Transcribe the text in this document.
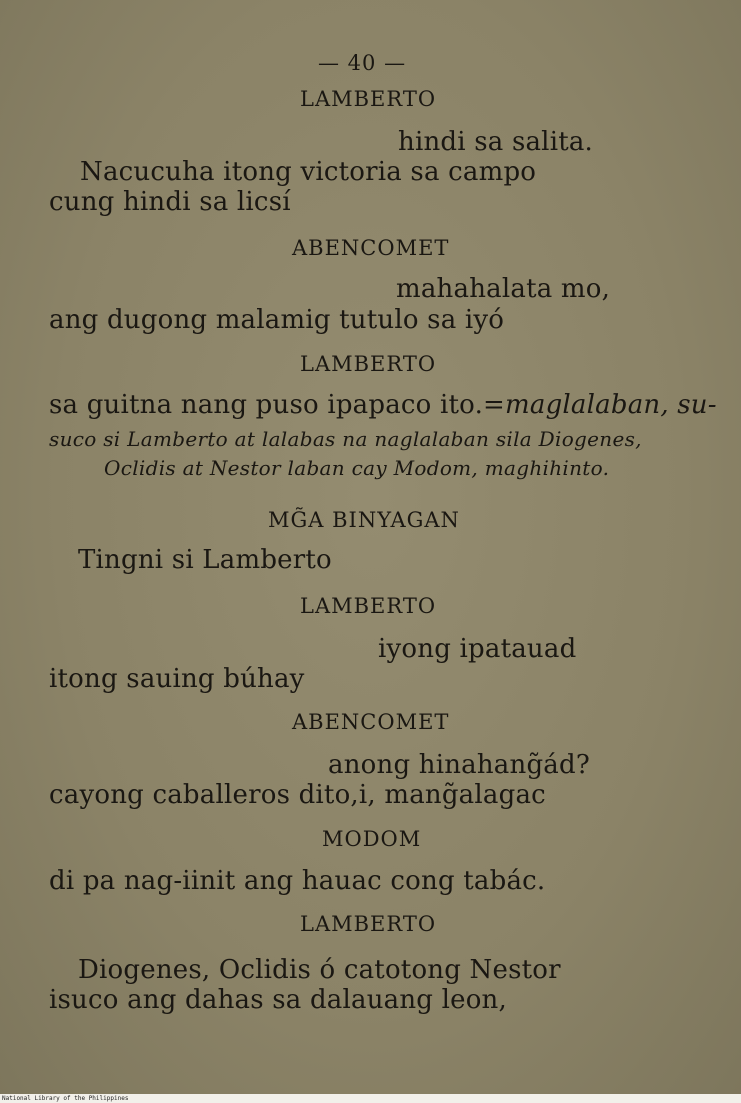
— 40 —
LAMBERTO
hindi sa salita.
Nacucuha itong victoria sa campo
cung hindi sa licsí
ABENCOMET
mahahalata mo,
ang dugong malamig tutulo sa iyó
LAMBERTO
sa guitna nang puso ipapaco ito.=maglalaban, su-
suco si Lamberto at lalabas na naglalaban sila Diogenes,
Oclidis at Nestor laban cay Modom, maghihinto.
MG̃A BINYAGAN
Tingni si Lamberto
LAMBERTO
iyong ipatauad
itong sauing búhay
ABENCOMET
anong hinahang̃ád?
cayong caballeros dito,i, mang̃alagac
MODOM
di pa nag-iinit ang hauac cong tabác.
LAMBERTO
Diogenes, Oclidis ó catotong Nestor
isuco ang dahas sa dalauang leon,
National Library of the Philippines
